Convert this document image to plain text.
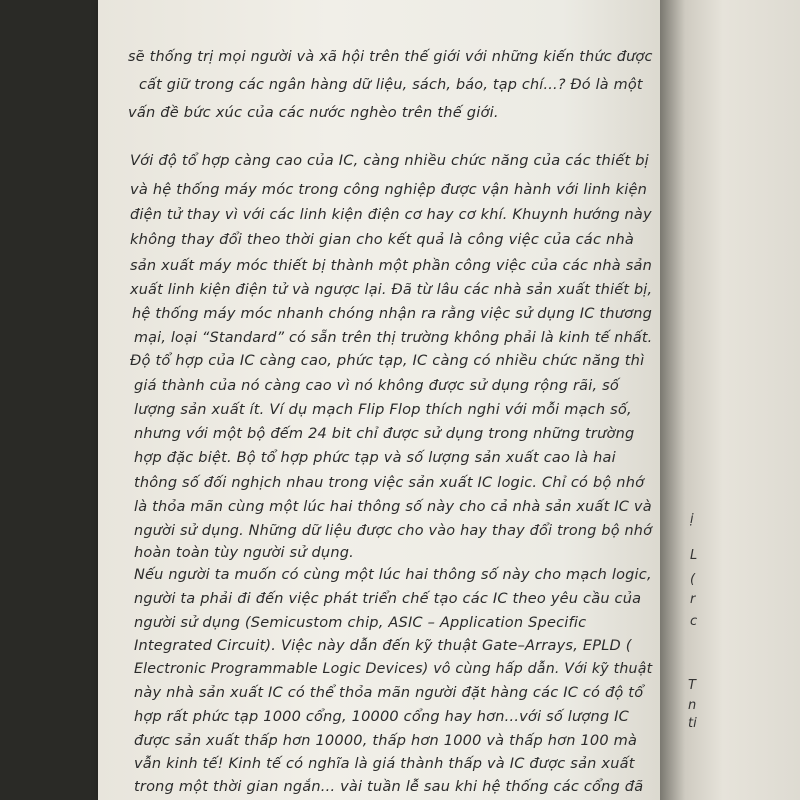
sẽ thống trị mọi người và xã hội trên thế giới với những kiến thức được
cất giữ trong các ngân hàng dữ liệu, sách, báo, tạp chí...? Đó là một
vấn đề bức xúc của các nước nghèo trên thế giới.
Với độ tổ hợp càng cao của IC, càng nhiều chức năng của các thiết bị
và hệ thống máy móc trong công nghiệp được vận hành với linh kiện
điện tử thay vì với các linh kiện điện cơ hay cơ khí. Khuynh hướng này
không thay đổi theo thời gian cho kết quả là công việc của các nhà
sản xuất máy móc thiết bị thành một phần công việc của các nhà sản
xuất linh kiện điện tử và ngược lại. Đã từ lâu các nhà sản xuất thiết bị,
hệ thống máy móc nhanh chóng nhận ra rằng việc sử dụng IC thương
mại, loại “Standard” có sẵn trên thị trường không phải là kinh tế nhất.
Độ tổ hợp của IC càng cao, phức tạp, IC càng có nhiều chức năng thì
giá thành của nó càng cao vì nó không được sử dụng rộng rãi, số
lượng sản xuất ít. Ví dụ mạch Flip Flop thích nghi với mỗi mạch số,
nhưng với một bộ đếm 24 bit chỉ được sử dụng trong những trường
hợp đặc biệt. Bộ tổ hợp phức tạp và số lượng sản xuất cao là hai
thông số đối nghịch nhau trong việc sản xuất IC logic. Chỉ có bộ nhớ
là thỏa mãn cùng một lúc hai thông số này cho cả nhà sản xuất IC và
người sử dụng. Những dữ liệu được cho vào hay thay đổi trong bộ nhớ
hoàn toàn tùy người sử dụng.
Nếu người ta muốn có cùng một lúc hai thông số này cho mạch logic,
người ta phải đi đến việc phát triển chế tạo các IC theo yêu cầu của
người sử dụng (Semicustom chip, ASIC – Application Specific
Integrated Circuit). Việc này dẫn đến kỹ thuật Gate–Arrays, EPLD (
Electronic Programmable Logic Devices) vô cùng hấp dẫn. Với kỹ thuật
này nhà sản xuất IC có thể thỏa mãn người đặt hàng các IC có độ tổ
hợp rất phức tạp 1000 cổng, 10000 cổng hay hơn...với số lượng IC
được sản xuất thấp hơn 10000, thấp hơn 1000 và thấp hơn 100 mà
vẫn kinh tế! Kinh tế có nghĩa là giá thành thấp và IC được sản xuất
trong một thời gian ngắn... vài tuần lễ sau khi hệ thống các cổng đã
ị
L
(
r
c
T
n
ti
